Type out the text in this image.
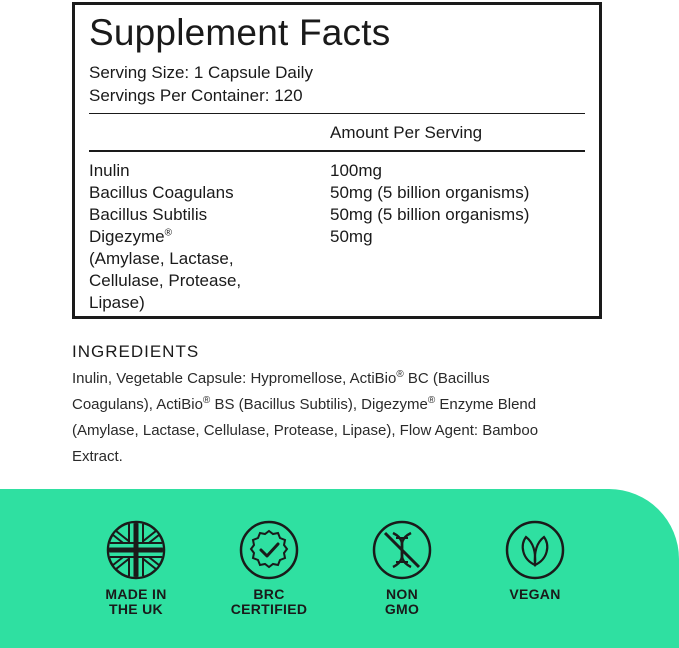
Supplement Facts
Serving Size: 1 Capsule Daily
Servings Per Container: 120
Amount Per Serving
Inulin	100mg
Bacillus Coagulans	50mg (5 billion organisms)
Bacillus Subtilis	50mg (5 billion organisms)
Digezyme®	50mg
(Amylase, Lactase,
Cellulase, Protease,
Lipase)
INGREDIENTS
Inulin, Vegetable Capsule: Hypromellose, ActiBio® BC (Bacillus Coagulans), ActiBio® BS (Bacillus Subtilis), Digezyme® Enzyme Blend (Amylase, Lactase, Cellulase, Protease, Lipase), Flow Agent: Bamboo Extract.
MADE IN
THE UK
BRC
CERTIFIED
NON
GMO
VEGAN
